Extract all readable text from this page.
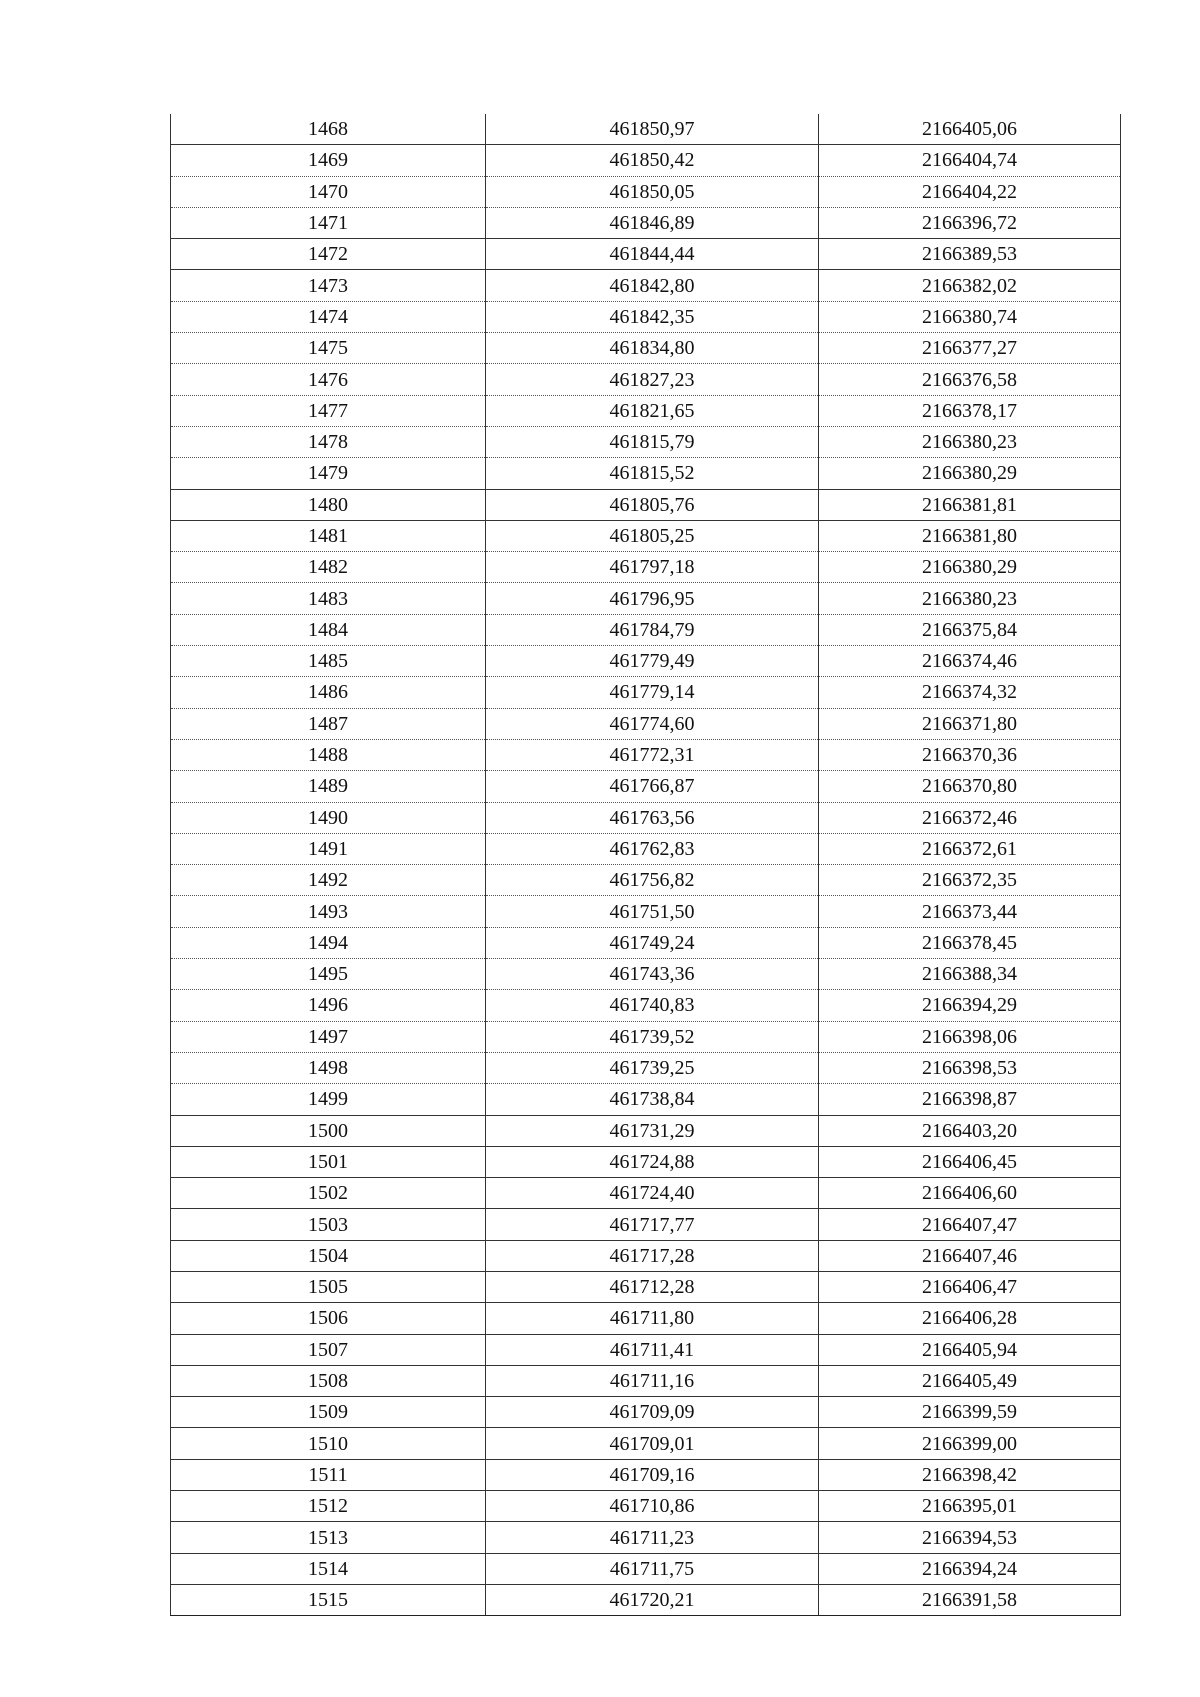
1468	461850,97	2166405,06
1469	461850,42	2166404,74
1470	461850,05	2166404,22
1471	461846,89	2166396,72
1472	461844,44	2166389,53
1473	461842,80	2166382,02
1474	461842,35	2166380,74
1475	461834,80	2166377,27
1476	461827,23	2166376,58
1477	461821,65	2166378,17
1478	461815,79	2166380,23
1479	461815,52	2166380,29
1480	461805,76	2166381,81
1481	461805,25	2166381,80
1482	461797,18	2166380,29
1483	461796,95	2166380,23
1484	461784,79	2166375,84
1485	461779,49	2166374,46
1486	461779,14	2166374,32
1487	461774,60	2166371,80
1488	461772,31	2166370,36
1489	461766,87	2166370,80
1490	461763,56	2166372,46
1491	461762,83	2166372,61
1492	461756,82	2166372,35
1493	461751,50	2166373,44
1494	461749,24	2166378,45
1495	461743,36	2166388,34
1496	461740,83	2166394,29
1497	461739,52	2166398,06
1498	461739,25	2166398,53
1499	461738,84	2166398,87
1500	461731,29	2166403,20
1501	461724,88	2166406,45
1502	461724,40	2166406,60
1503	461717,77	2166407,47
1504	461717,28	2166407,46
1505	461712,28	2166406,47
1506	461711,80	2166406,28
1507	461711,41	2166405,94
1508	461711,16	2166405,49
1509	461709,09	2166399,59
1510	461709,01	2166399,00
1511	461709,16	2166398,42
1512	461710,86	2166395,01
1513	461711,23	2166394,53
1514	461711,75	2166394,24
1515	461720,21	2166391,58
